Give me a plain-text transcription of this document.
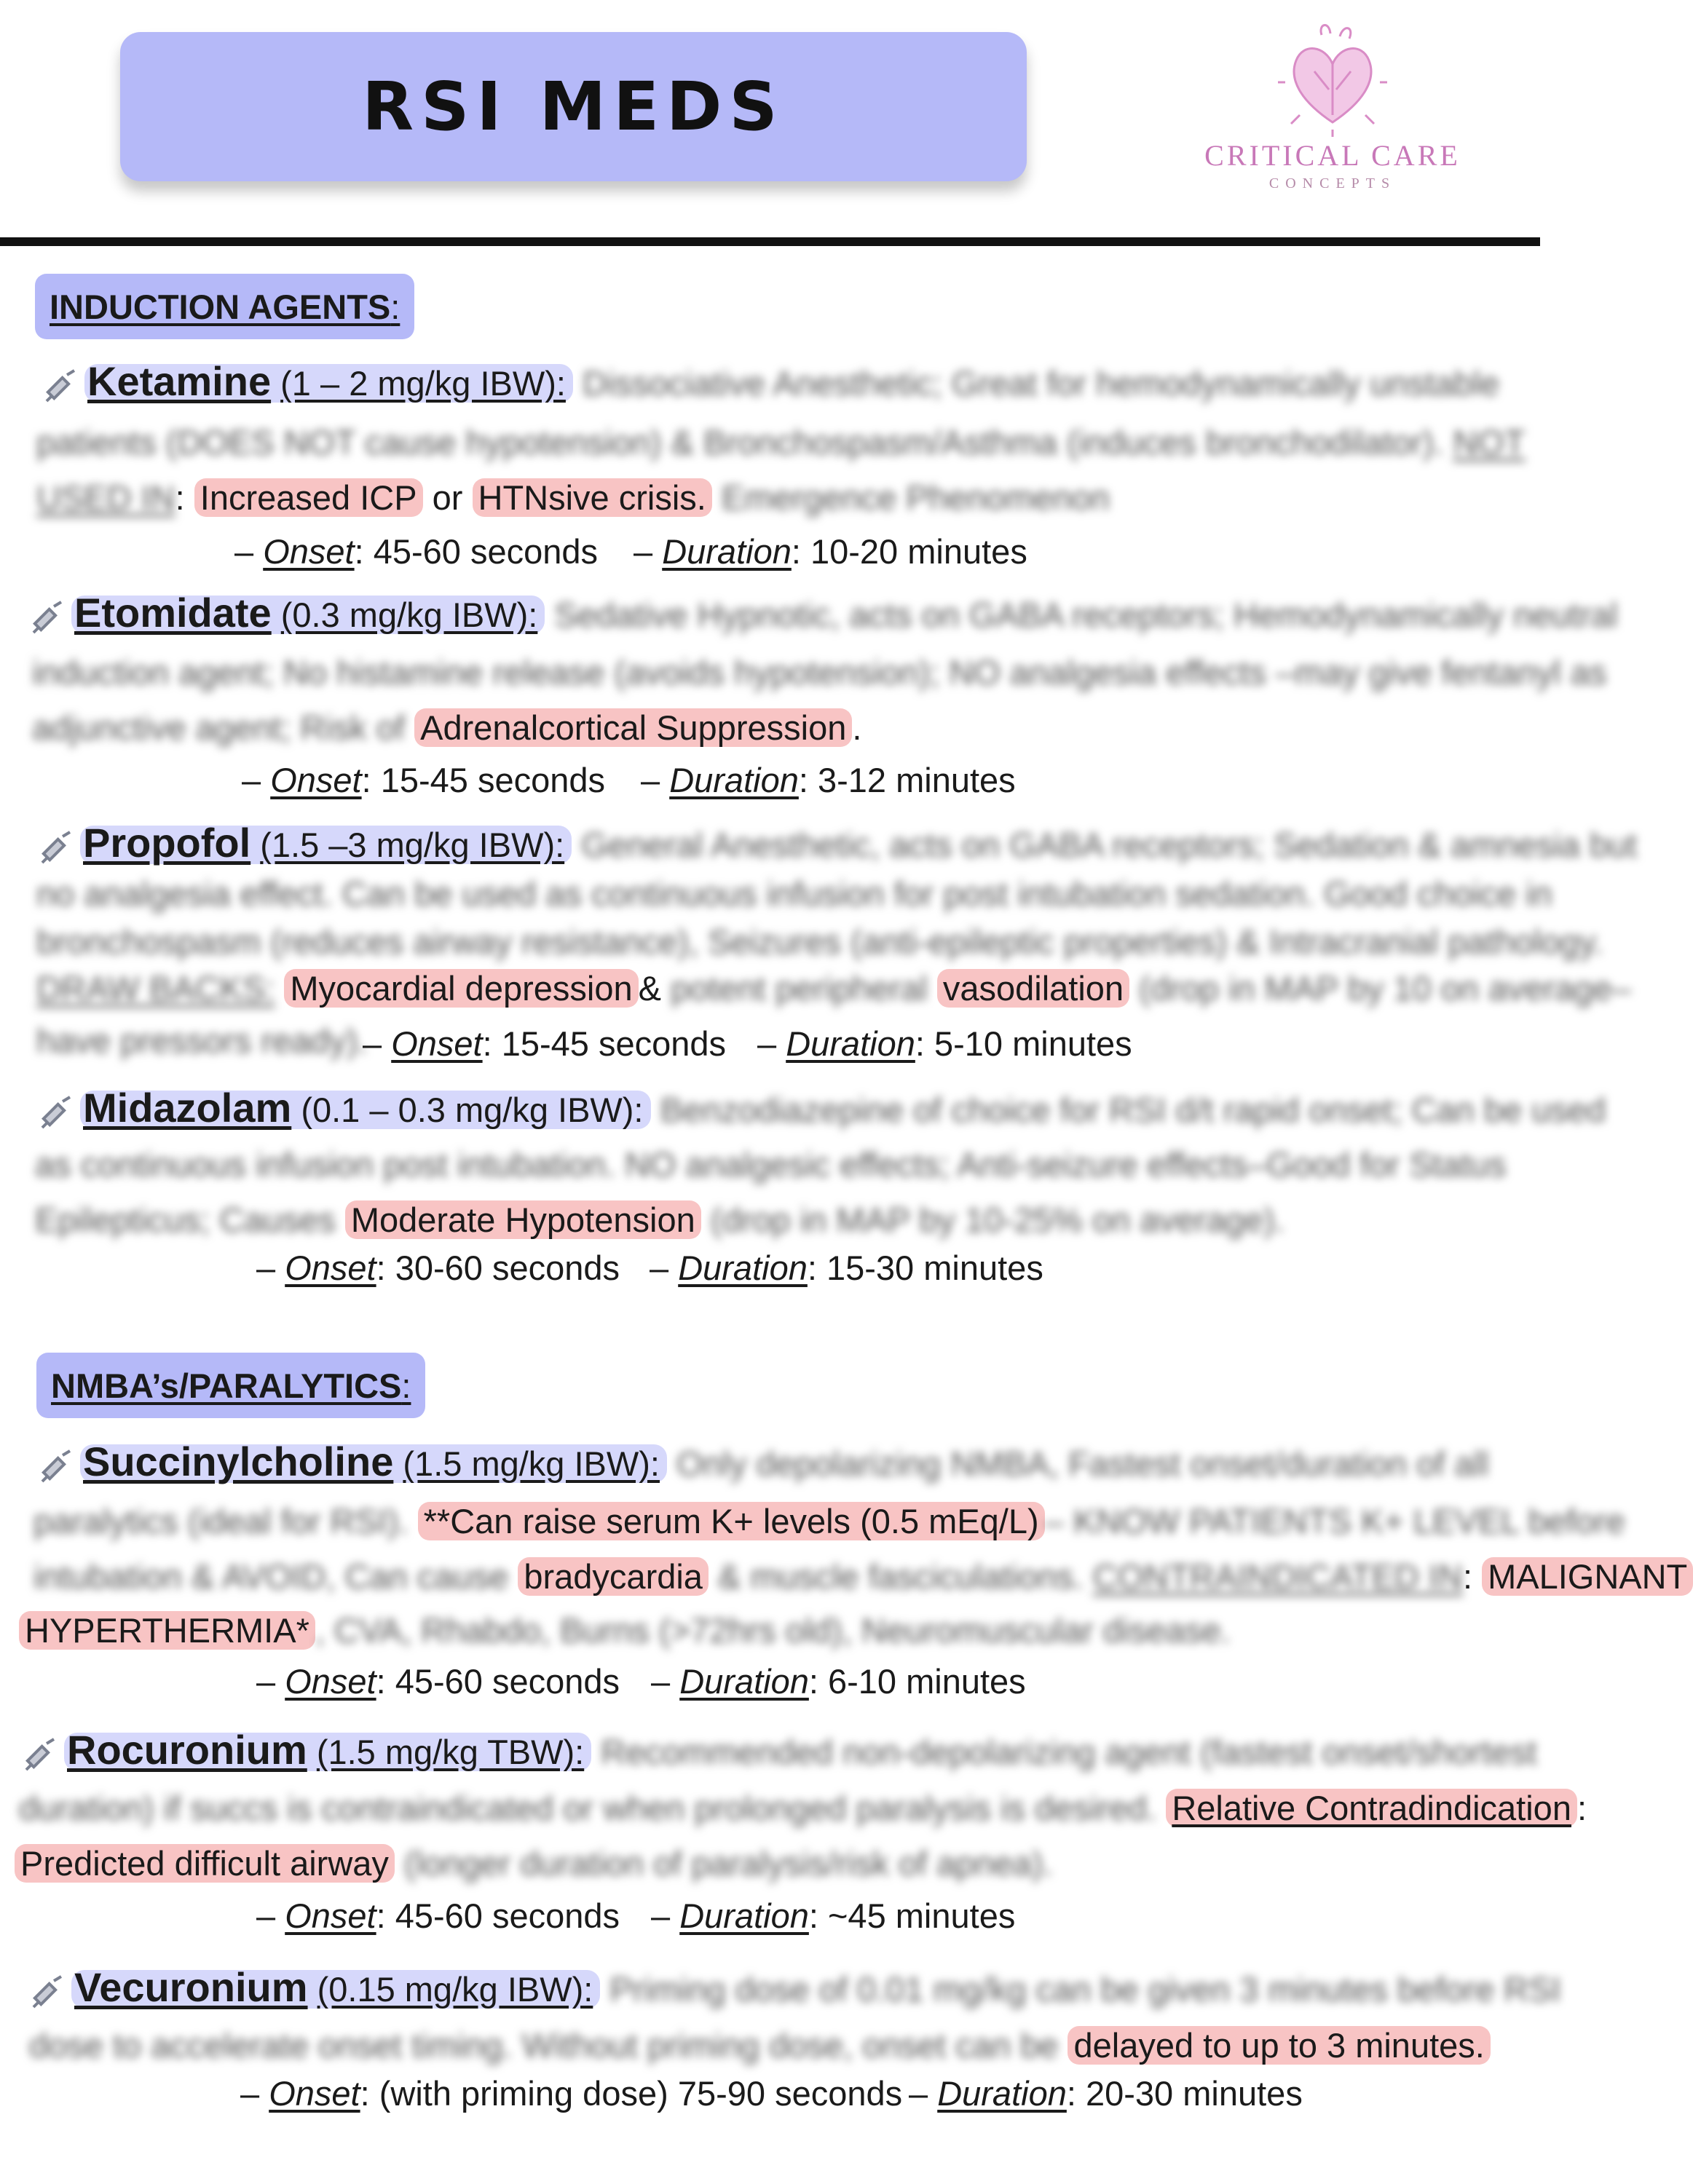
RSI MEDS
CRITICAL CARE
CONCEPTS
INDUCTION AGENTS :
Ketamine (1 – 2 mg/kg IBW): Dissociative Anesthetic; Great for hemodynamically unstable
patients (DOES NOT cause hypotension) & Bronchospasm/Asthma (induces bronchodilator). NOT
USED IN: Increased ICP or HTNsive crisis. Emergence Phenomenon
– Onset: 45-60 seconds – Duration: 10-20 minutes
Etomidate (0.3 mg/kg IBW): Sedative Hypnotic, acts on GABA receptors; Hemodynamically neutral
induction agent; No histamine release (avoids hypotension); NO analgesia effects –may give fentanyl as
adjunctive agent; Risk of Adrenalcortical Suppression .
– Onset: 15-45 seconds – Duration: 3-12 minutes
Propofol (1.5 –3 mg/kg IBW): General Anesthetic, acts on GABA receptors; Sedation & amnesia but
no analgesia effect. Can be used as continuous infusion for post intubation sedation. Good choice in
bronchospasm (reduces airway resistance), Seizures (anti-epileptic properties) & Intracranial pathology.
DRAW BACKS: Myocardial depression & potent peripheral vasodilation (drop in MAP by 10 on average–
have pressors ready).
– Onset: 15-45 seconds – Duration: 5-10 minutes
Midazolam (0.1 – 0.3 mg/kg IBW): Benzodiazepine of choice for RSI d/t rapid onset; Can be used
as continuous infusion post intubation. NO analgesic effects; Anti-seizure effects–Good for Status
Epilepticus; Causes Moderate Hypotension (drop in MAP by 10-25% on average).
– Onset: 30-60 seconds – Duration: 15-30 minutes
NMBA’s/PARALYTICS :
Succinylcholine (1.5 mg/kg IBW): Only depolarizing NMBA, Fastest onset/duration of all
paralytics (ideal for RSI). **Can raise serum K+ levels (0.5 mEq/L) – KNOW PATIENTS K+ LEVEL before
intubation & AVOID, Can cause bradycardia & muscle fasciculations. CONTRAINDICATED IN: MALIGNANT
HYPERTHERMIA* , CVA, Rhabdo, Burns (>72hrs old), Neuromuscular disease.
– Onset: 45-60 seconds – Duration: 6-10 minutes
Rocuronium (1.5 mg/kg TBW): Recommended non-depolarizing agent (fastest onset/shortest
duration) if succs is contraindicated or when prolonged paralysis is desired. Relative Contradindication :
Predicted difficult airway (longer duration of paralysis/risk of apnea).
– Onset: 45-60 seconds – Duration: ~45 minutes
Vecuronium (0.15 mg/kg IBW): Priming dose of 0.01 mg/kg can be given 3 minutes before RSI
dose to accelerate onset timing. Without priming dose, onset can be delayed to up to 3 minutes.
– Onset: (with priming dose) 75-90 seconds – Duration: 20-30 minutes
